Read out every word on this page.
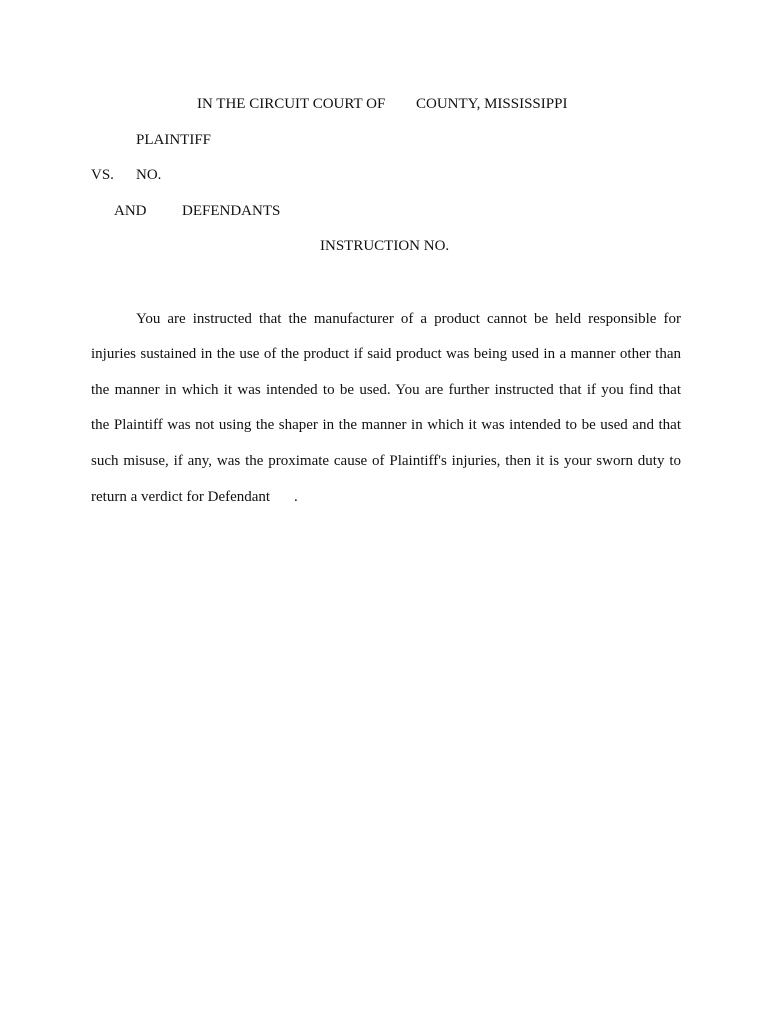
IN THE CIRCUIT COURT OF COUNTY, MISSISSIPPI
PLAINTIFF
VS. NO.
AND DEFENDANTS
INSTRUCTION NO.
You are instructed that the manufacturer of a product cannot be held responsible for
injuries sustained in the use of the product if said product was being used in a manner other than
the manner in which it was intended to be used. You are further instructed that if you find that
the Plaintiff was not using the shaper in the manner in which it was intended to be used and that
such misuse, if any, was the proximate cause of Plaintiff's injuries, then it is your sworn duty to
return a verdict for Defendant .
